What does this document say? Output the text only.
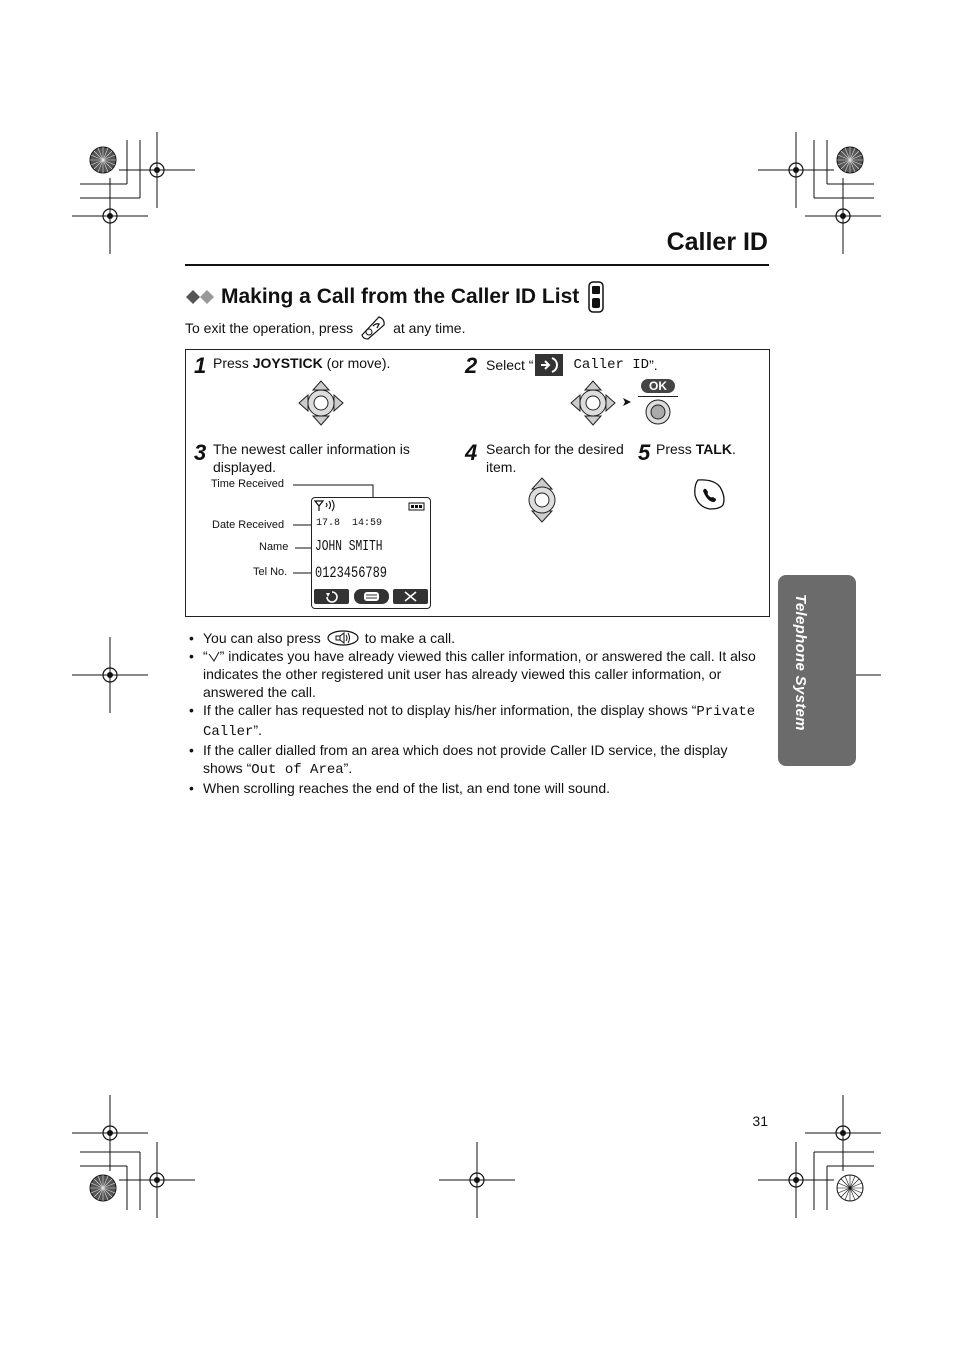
Caller ID
Making a Call from the Caller ID List
To exit the operation, press	at any time.
1 Press JOYSTICK (or move).	2 Select “	Caller ID ”.
OK
3 The newest caller information is displayed.
Time Received
Date Received
Name
Tel No.
17.8  14:59
JOHN SMITH
0123456789
4 Search for the desired item.
5 Press TALK.
Telephone System
• You can also press	to make a call.
• “ ” indicates you have already viewed this caller information, or answered the call. It also indicates the other registered unit user has already viewed this caller information, or answered the call.
• If the caller has requested not to display his/her information, the display shows “Private Caller”.
• If the caller dialled from an area which does not provide Caller ID service, the display shows “Out of Area”.
• When scrolling reaches the end of the list, an end tone will sound.
31
